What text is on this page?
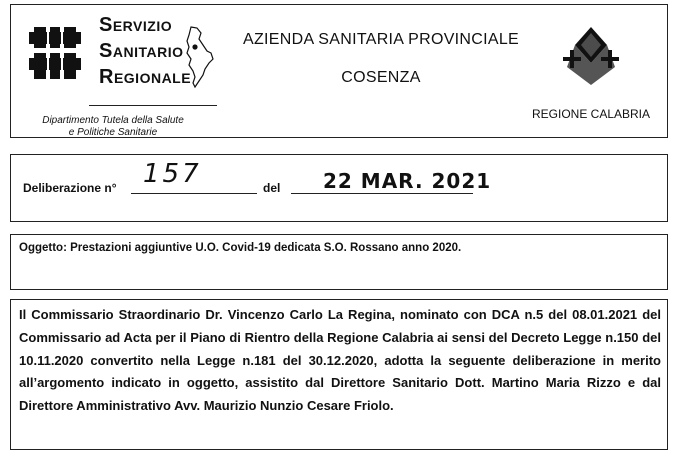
SERVIZIO
SANITARIO
REGIONALE
Dipartimento Tutela della Salute
e Politiche Sanitarie
AZIENDA SANITARIA PROVINCIALE
COSENZA
REGIONE CALABRIA
Deliberazione n° 157	del 22 MAR. 2021
Oggetto: Prestazioni aggiuntive U.O. Covid-19 dedicata S.O. Rossano anno 2020.
Il Commissario Straordinario Dr. Vincenzo Carlo La Regina, nominato con DCA n.5 del 08.01.2021 del Commissario ad Acta per il Piano di Rientro della Regione Calabria ai sensi del Decreto Legge n.150 del 10.11.2020 convertito nella Legge n.181 del 30.12.2020, adotta la seguente deliberazione in merito all’argomento indicato in oggetto, assistito dal Direttore Sanitario Dott. Martino Maria Rizzo e dal Direttore Amministrativo Avv. Maurizio Nunzio Cesare Friolo.
